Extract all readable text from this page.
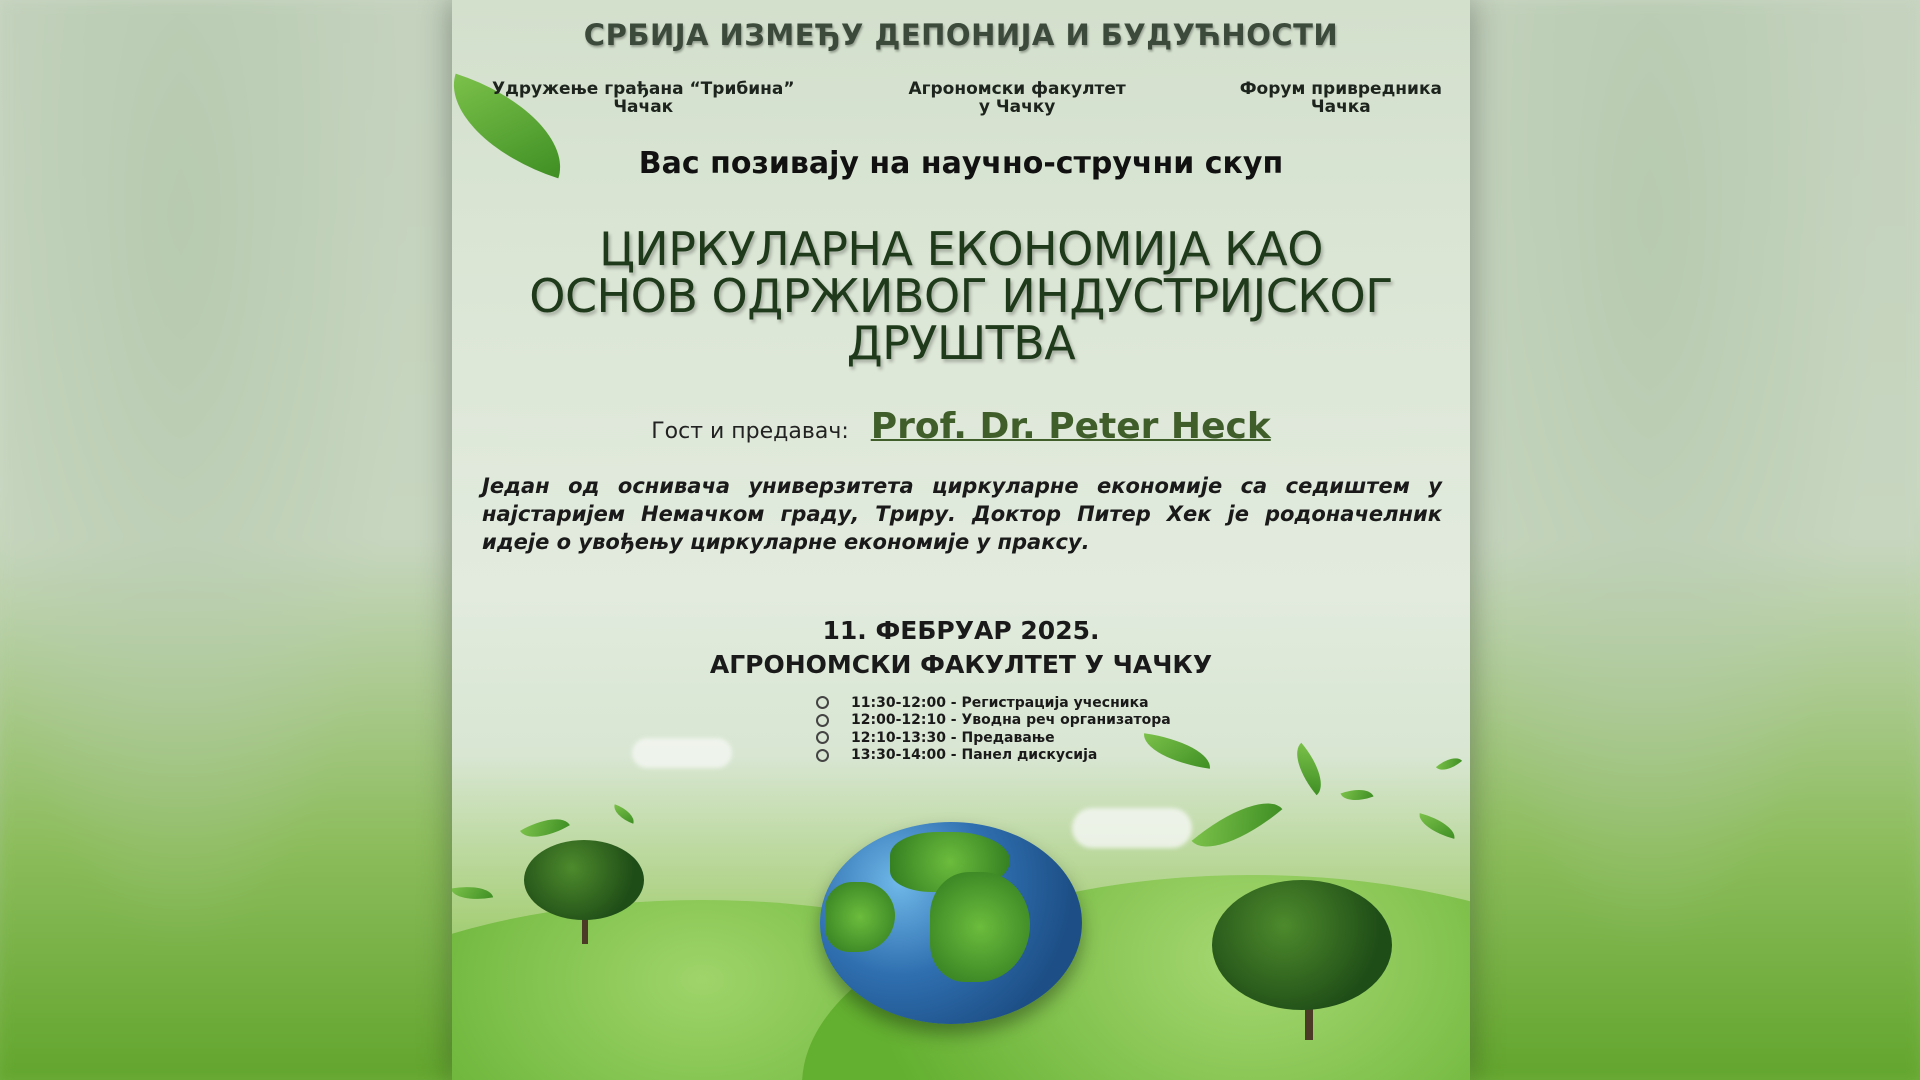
СРБИЈА ИЗМЕЂУ ДЕПОНИЈА И БУДУЋНОСТИ
Удружење грађана “Трибина”
Чачак
Агрономски факултет
у Чачку
Форум привредника
Чачка
Вас позивају на научно-стручни скуп
ЦИРКУЛАРНА ЕКОНОМИЈА КАО
ОСНОВ ОДРЖИВОГ ИНДУСТРИЈСКОГ
ДРУШТВА
Гост и предавач: Prof. Dr. Peter Heck
Један од оснивача универзитета циркуларне економије са седиштем у најстаријем Немачком граду, Триру. Доктор Питер Хек је родоначелник идеје о увођењу циркуларне економије у праксу.
11. ФЕБРУАР 2025.
АГРОНОМСКИ ФАКУЛТЕТ У ЧАЧКУ
11:30-12:00 - Регистрација учесника
12:00-12:10 - Уводна реч организатора
12:10-13:30 - Предавање
13:30-14:00 - Панел дискусија
